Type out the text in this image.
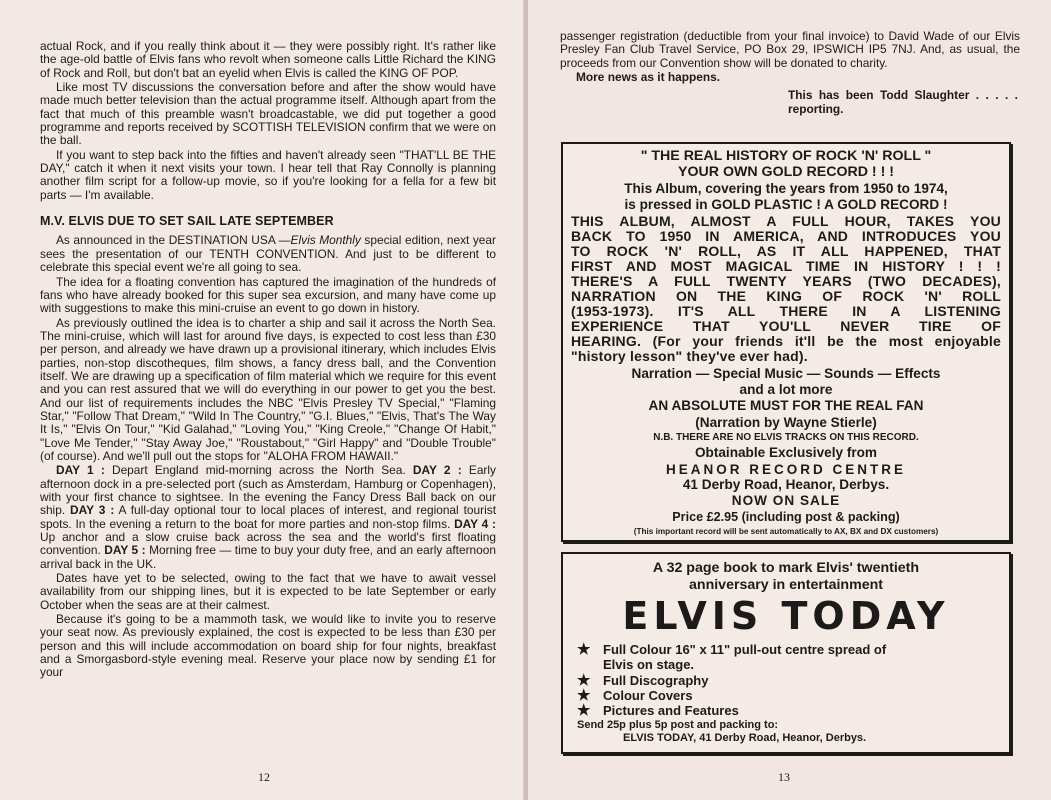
actual Rock, and if you really think about it — they were possibly right. It's rather like the age-old battle of Elvis fans who revolt when someone calls Little Richard the KING of Rock and Roll, but don't bat an eyelid when Elvis is called the KING OF POP.

Like most TV discussions the conversation before and after the show would have made much better television than the actual programme itself. Although apart from the fact that much of this preamble wasn't broadcastable, we did put together a good programme and reports received by SCOTTISH TELEVISION confirm that we were on the ball.

If you want to step back into the fifties and haven't already seen "THAT'LL BE THE DAY," catch it when it next visits your town. I hear tell that Ray Connolly is planning another film script for a follow-up movie, so if you're looking for a fella for a few bit parts — I'm available.

M.V. ELVIS DUE TO SET SAIL LATE SEPTEMBER

As announced in the DESTINATION USA —Elvis Monthly special edition, next year sees the presentation of our TENTH CONVENTION. And just to be different to celebrate this special event we're all going to sea.

The idea for a floating convention has captured the imagination of the hundreds of fans who have already booked for this super sea excursion, and many have come up with suggestions to make this mini-cruise an event to go down in history.

As previously outlined the idea is to charter a ship and sail it across the North Sea. The mini-cruise, which will last for around five days, is expected to cost less than £30 per person, and already we have drawn up a provisional itinerary, which includes Elvis parties, non-stop discotheques, film shows, a fancy dress ball, and the Convention itself. We are drawing up a specification of film material which we require for this event and you can rest assured that we will do everything in our power to get you the best. And our list of requirements includes the NBC "Elvis Presley TV Special," "Flaming Star," "Follow That Dream," "Wild In The Country," "G.I. Blues," "Elvis, That's The Way It Is," "Elvis On Tour," "Kid Galahad," "Loving You," "King Creole," "Change Of Habit," "Love Me Tender," "Stay Away Joe," "Roustabout," "Girl Happy" and "Double Trouble" (of course). And we'll pull out the stops for "ALOHA FROM HAWAII."

DAY 1 : Depart England mid-morning across the North Sea. DAY 2 : Early afternoon dock in a pre-selected port (such as Amsterdam, Hamburg or Copenhagen), with your first chance to sightsee. In the evening the Fancy Dress Ball back on our ship. DAY 3 : A full-day optional tour to local places of interest, and regional tourist spots. In the evening a return to the boat for more parties and non-stop films. DAY 4 : Up anchor and a slow cruise back across the sea and the world's first floating convention. DAY 5 : Morning free — time to buy your duty free, and an early afternoon arrival back in the UK.

Dates have yet to be selected, owing to the fact that we have to await vessel availability from our shipping lines, but it is expected to be late September or early October when the seas are at their calmest.

Because it's going to be a mammoth task, we would like to invite you to reserve your seat now. As previously explained, the cost is expected to be less than £30 per person and this will include accommodation on board ship for four nights, breakfast and a Smorgasbord-style evening meal. Reserve your place now by sending £1 for your

12

passenger registration (deductible from your final invoice) to David Wade of our Elvis Presley Fan Club Travel Service, PO Box 29, IPSWICH IP5 7NJ. And, as usual, the proceeds from our Convention show will be donated to charity.

More news as it happens.

This has been Todd Slaughter . . . . . reporting.

" THE REAL HISTORY OF ROCK 'N' ROLL "
YOUR OWN GOLD RECORD ! ! !
This Album, covering the years from 1950 to 1974,
is pressed in GOLD PLASTIC ! A GOLD RECORD !
THIS ALBUM, ALMOST A FULL HOUR, TAKES YOU
BACK TO 1950 IN AMERICA, AND INTRODUCES YOU
TO ROCK 'N' ROLL, AS IT ALL HAPPENED, THAT
FIRST AND MOST MAGICAL TIME IN HISTORY ! ! !
THERE'S A FULL TWENTY YEARS (TWO DECADES),
NARRATION ON THE KING OF ROCK 'N' ROLL
(1953-1973). IT'S ALL THERE IN A LISTENING
EXPERIENCE THAT YOU'LL NEVER TIRE OF
HEARING. (For your friends it'll be the most enjoyable
"history lesson" they've ever had).
Narration — Special Music — Sounds — Effects
and a lot more
AN ABSOLUTE MUST FOR THE REAL FAN
(Narration by Wayne Stierle)
N.B. THERE ARE NO ELVIS TRACKS ON THIS RECORD.
Obtainable Exclusively from
HEANOR RECORD CENTRE
41 Derby Road, Heanor, Derbys.
NOW ON SALE
Price £2.95 (including post & packing)
(This important record will be sent automatically to AX, BX and DX customers)
A 32 page book to mark Elvis' twentieth
anniversary in entertainment
ELVIS TODAY
★ Full Colour 16" x 11" pull-out centre spread of
Elvis on stage.
★ Full Discography
★ Colour Covers
★ Pictures and Features
Send 25p plus 5p post and packing to:
ELVIS TODAY, 41 Derby Road, Heanor, Derbys.
13
